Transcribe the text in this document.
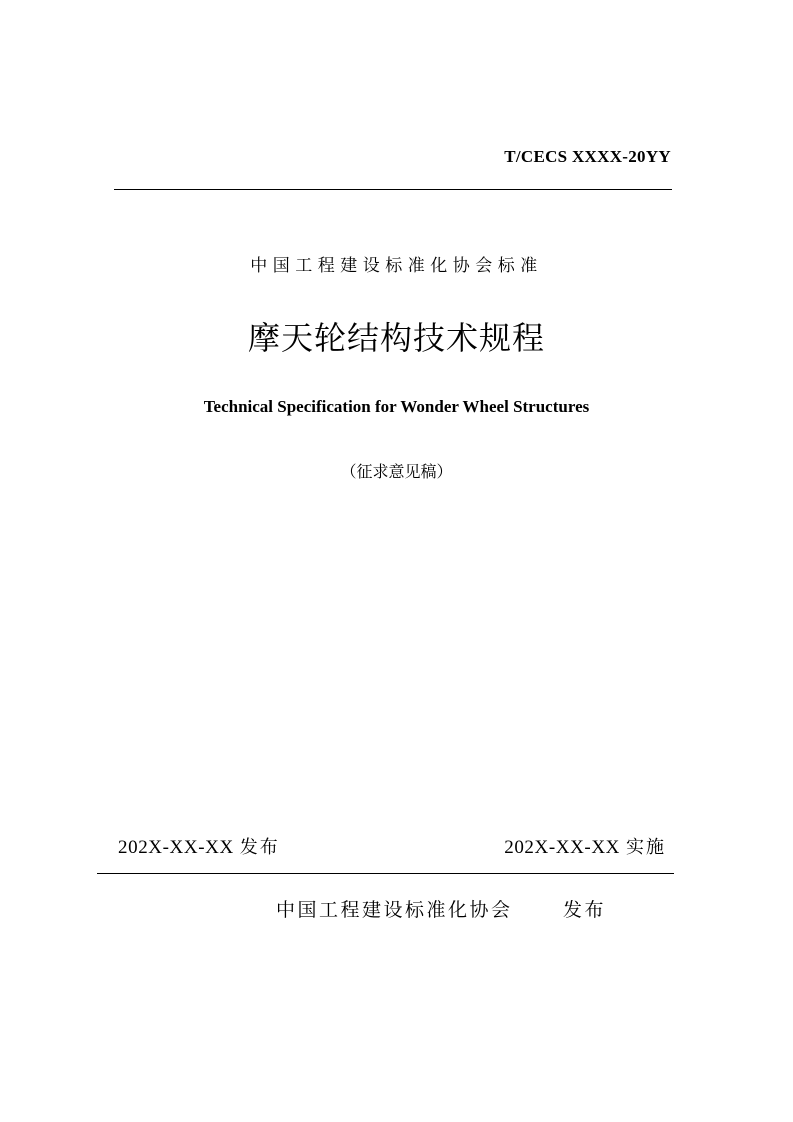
T/CECS XXXX-20YY
中国工程建设标准化协会标准
摩天轮结构技术规程
Technical Specification for Wonder Wheel Structures
（征求意见稿）
202X-XX-XX 发布	202X-XX-XX 实施
中国工程建设标准化协会	发布
